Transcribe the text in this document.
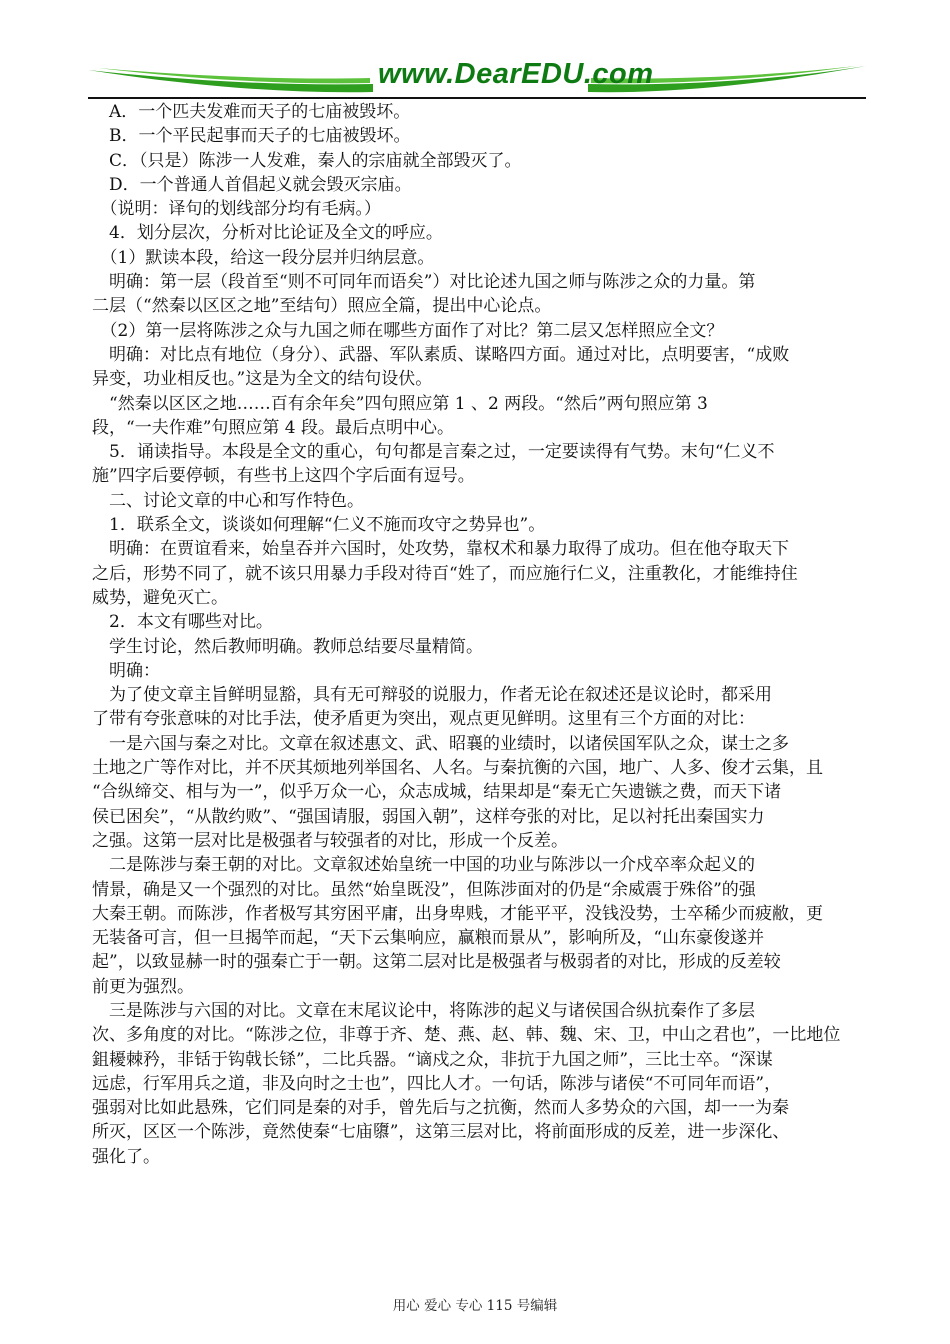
www.DearEDU.com
　A．一个匹夫发难而天子的七庙被毁坏。
　B．一个平民起事而天子的七庙被毁坏。
　C．（只是）陈涉一人发难，秦人的宗庙就全部毁灭了。
　D．一个普通人首倡起义就会毁灭宗庙。
　（说明：译句的划线部分均有毛病。）
　4．划分层次，分析对比论证及全文的呼应。
　（1）默读本段，给这一段分层并归纳层意。
　明确：第一层（段首至“则不可同年而语矣”）对比论述九国之师与陈涉之众的力量。第
二层（“然秦以区区之地”至结句）照应全篇，提出中心论点。
　（2）第一层将陈涉之众与九国之师在哪些方面作了对比？第二层又怎样照应全文？
　明确：对比点有地位（身分）、武器、军队素质、谋略四方面。通过对比，点明要害，“成败
异变，功业相反也。”这是为全文的结句设伏。
　“然秦以区区之地……百有余年矣”四句照应第 1 、2 两段。“然后”两句照应第 3
段，“一夫作难”句照应第 4 段。最后点明中心。
　5．诵读指导。本段是全文的重心，句句都是言秦之过，一定要读得有气势。末句“仁义不
施”四字后要停顿，有些书上这四个字后面有逗号。
　二、讨论文章的中心和写作特色。
　1．联系全文，谈谈如何理解“仁义不施而攻守之势异也”。
　明确：在贾谊看来，始皇吞并六国时，处攻势，靠权术和暴力取得了成功。但在他夺取天下
之后，形势不同了，就不该只用暴力手段对待百“姓了，而应施行仁义，注重教化，才能维持住
威势，避免灭亡。
　2．本文有哪些对比。
　学生讨论，然后教师明确。教师总结要尽量精简。
　明确：
　为了使文章主旨鲜明显豁，具有无可辩驳的说服力，作者无论在叙述还是议论时，都采用
了带有夸张意味的对比手法，使矛盾更为突出，观点更见鲜明。这里有三个方面的对比：
　一是六国与秦之对比。文章在叙述惠文、武、昭襄的业绩时，以诸侯国军队之众，谋士之多
土地之广等作对比，并不厌其烦地列举国名、人名。与秦抗衡的六国，地广、人多、俊才云集，且
“合纵缔交、相与为一”，似乎万众一心，众志成城，结果却是“秦无亡矢遗镞之费，而天下诸
侯已困矣”，“从散约败”、“强国请服，弱国入朝”，这样夸张的对比，足以衬托出秦国实力
之强。这第一层对比是极强者与较强者的对比，形成一个反差。
　二是陈涉与秦王朝的对比。文章叙述始皇统一中国的功业与陈涉以一介戍卒率众起义的
情景，确是又一个强烈的对比。虽然“始皇既没”，但陈涉面对的仍是“余威震于殊俗”的强
大秦王朝。而陈涉，作者极写其穷困平庸，出身卑贱，才能平平，没钱没势，士卒稀少而疲敝，更
无装备可言，但一旦揭竿而起，“天下云集响应，赢粮而景从”，影响所及，“山东豪俊遂并
起”，以致显赫一时的强秦亡于一朝。这第二层对比是极强者与极弱者的对比，形成的反差较
前更为强烈。
　三是陈涉与六国的对比。文章在末尾议论中，将陈涉的起义与诸侯国合纵抗秦作了多层
次、多角度的对比。“陈涉之位，非尊于齐、楚、燕、赵、韩、魏、宋、卫，中山之君也”，一比地位
鉏耰棘矜，非铦于钩戟长铩”，二比兵器。“谪戍之众，非抗于九国之师”，三比士卒。“深谋
远虑，行军用兵之道，非及向时之士也”，四比人才。一句话，陈涉与诸侯“不可同年而语”，
强弱对比如此悬殊，它们同是秦的对手，曾先后与之抗衡，然而人多势众的六国，却一一为秦
所灭，区区一个陈涉，竟然使秦“七庙隳”，这第三层对比，将前面形成的反差，进一步深化、
强化了。
用心 爱心 专心 115 号编辑
